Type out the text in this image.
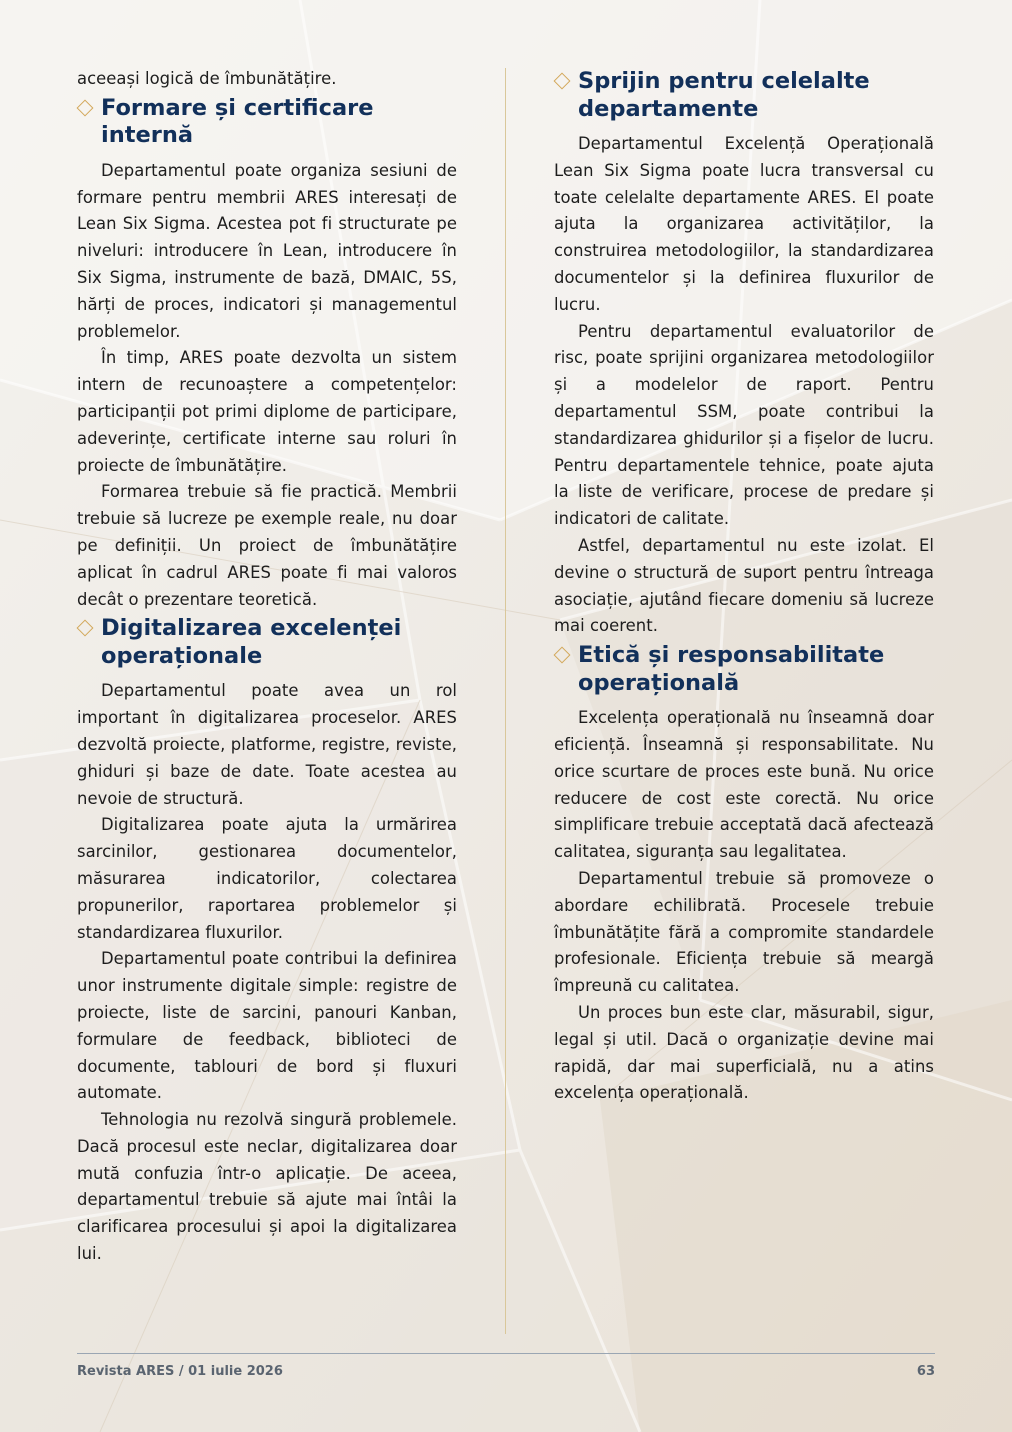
aceeași logică de îmbunătățire.

Formare și certificare internă

Departamentul poate organiza sesiuni de formare pentru membrii ARES interesați de Lean Six Sigma. Acestea pot fi structurate pe niveluri: introducere în Lean, introducere în Six Sigma, instrumente de bază, DMAIC, 5S, hărți de proces, indicatori și managementul problemelor.

În timp, ARES poate dezvolta un sistem intern de recunoaștere a competențelor: participanții pot primi diplome de participare, adeverințe, certificate interne sau roluri în proiecte de îmbunătățire.

Formarea trebuie să fie practică. Membrii trebuie să lucreze pe exemple reale, nu doar pe definiții. Un proiect de îmbunătățire aplicat în cadrul ARES poate fi mai valoros decât o prezentare teoretică.

Digitalizarea excelenței operaționale

Departamentul poate avea un rol important în digitalizarea proceselor. ARES dezvoltă proiecte, platforme, registre, reviste, ghiduri și baze de date. Toate acestea au nevoie de structură.

Digitalizarea poate ajuta la urmărirea sarcinilor, gestionarea documentelor, măsurarea indicatorilor, colectarea propunerilor, raportarea problemelor și standardizarea fluxurilor.

Departamentul poate contribui la definirea unor instrumente digitale simple: registre de proiecte, liste de sarcini, panouri Kanban, formulare de feedback, biblioteci de documente, tablouri de bord și fluxuri automate.

Tehnologia nu rezolvă singură problemele. Dacă procesul este neclar, digitalizarea doar mută confuzia într-o aplicație. De aceea, departamentul trebuie să ajute mai întâi la clarificarea procesului și apoi la digitalizarea lui.

Sprijin pentru celelalte departamente

Departamentul Excelență Operațională Lean Six Sigma poate lucra transversal cu toate celelalte departamente ARES. El poate ajuta la organizarea activităților, la construirea metodologiilor, la standardizarea documentelor și la definirea fluxurilor de lucru.

Pentru departamentul evaluatorilor de risc, poate sprijini organizarea metodologiilor și a modelelor de raport. Pentru departamentul SSM, poate contribui la standardizarea ghidurilor și a fișelor de lucru. Pentru departamentele tehnice, poate ajuta la liste de verificare, procese de predare și indicatori de calitate.

Astfel, departamentul nu este izolat. El devine o structură de suport pentru întreaga asociație, ajutând fiecare domeniu să lucreze mai coerent.

Etică și responsabilitate operațională

Excelența operațională nu înseamnă doar eficiență. Înseamnă și responsabilitate. Nu orice scurtare de proces este bună. Nu orice reducere de cost este corectă. Nu orice simplificare trebuie acceptată dacă afectează calitatea, siguranța sau legalitatea.

Departamentul trebuie să promoveze o abordare echilibrată. Procesele trebuie îmbunătățite fără a compromite standardele profesionale. Eficiența trebuie să meargă împreună cu calitatea.

Un proces bun este clar, măsurabil, sigur, legal și util. Dacă o organizație devine mai rapidă, dar mai superficială, nu a atins excelența operațională.

Revista ARES / 01 iulie 2026	63
